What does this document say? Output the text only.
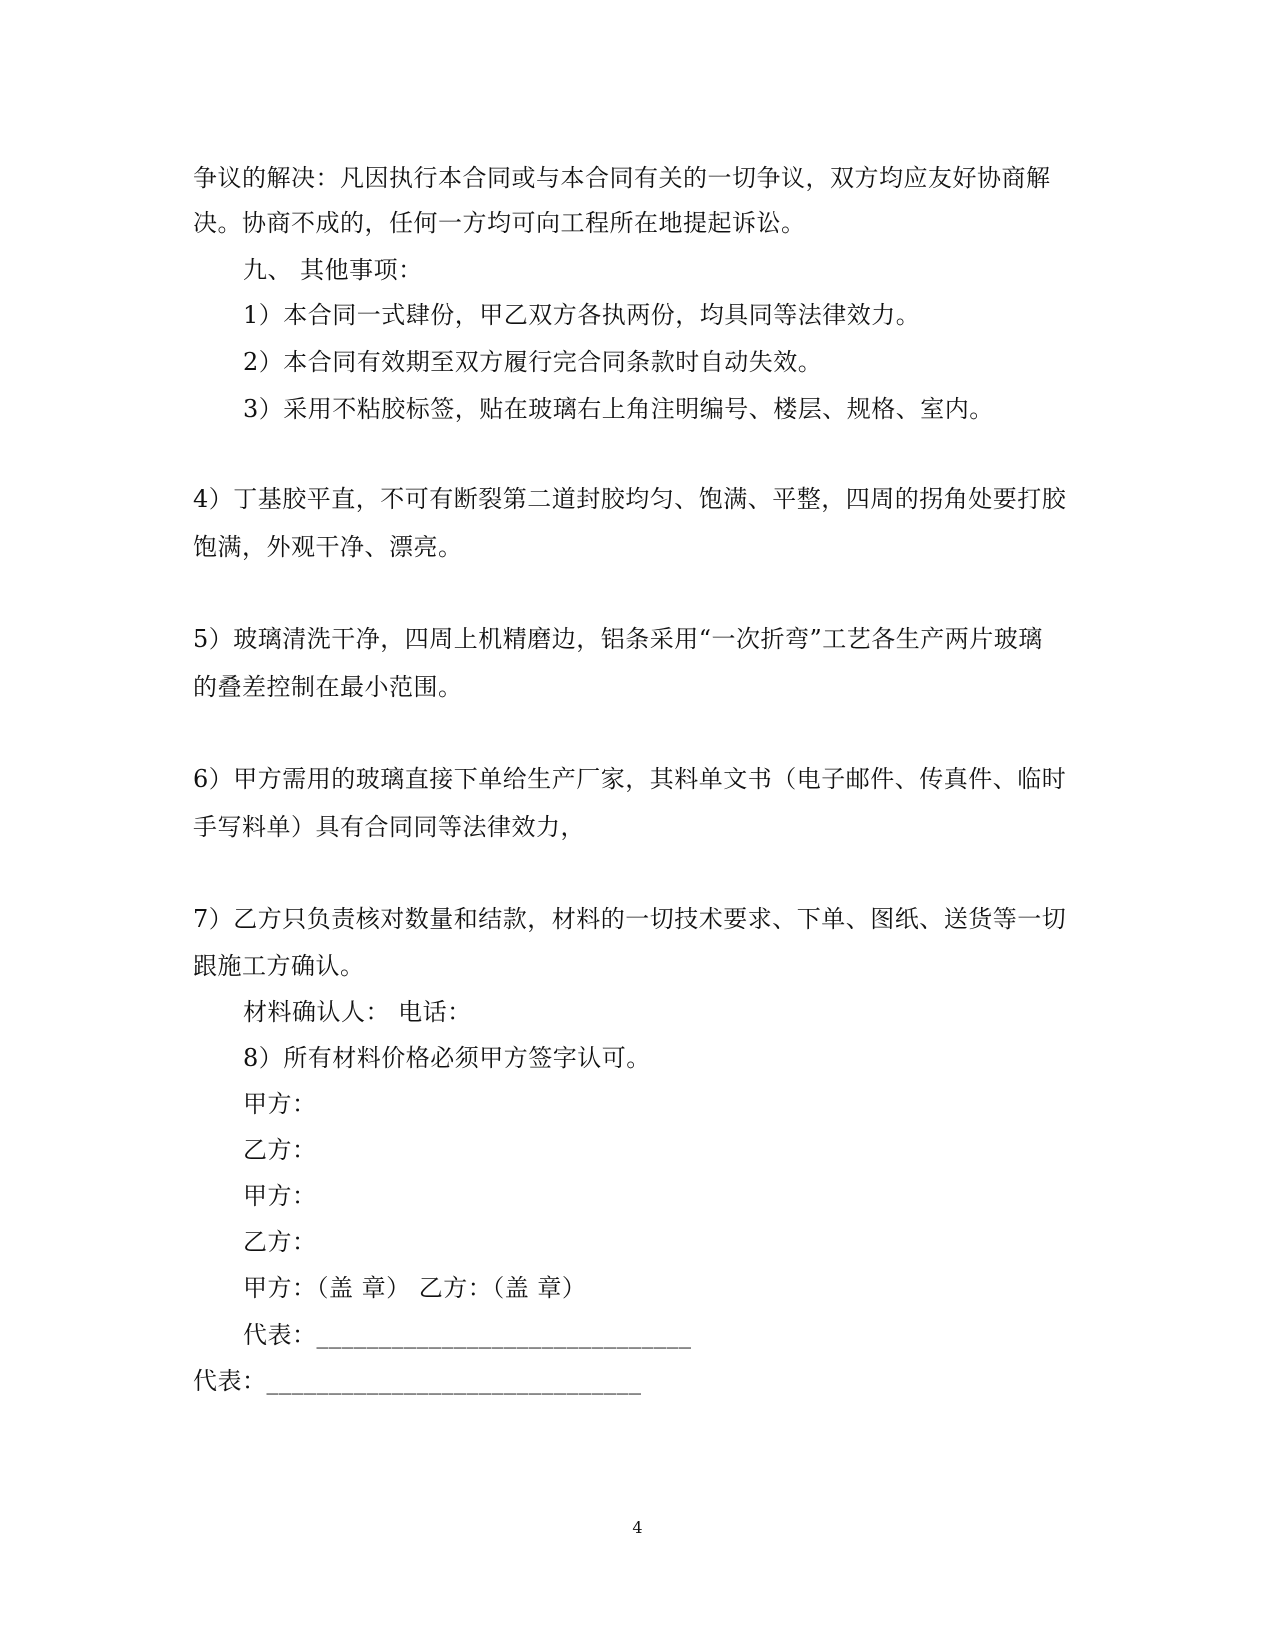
争议的解决：凡因执行本合同或与本合同有关的一切争议，双方均应友好协商解
决。协商不成的，任何一方均可向工程所在地提起诉讼。
九、 其他事项：
1）本合同一式肆份，甲乙双方各执两份，均具同等法律效力。
2）本合同有效期至双方履行完合同条款时自动失效。
3）采用不粘胶标签，贴在玻璃右上角注明编号、楼层、规格、室内。
4）丁基胶平直，不可有断裂第二道封胶均匀、饱满、平整，四周的拐角处要打胶
饱满，外观干净、漂亮。
5）玻璃清洗干净，四周上机精磨边，铝条采用“一次折弯”工艺各生产两片玻璃
的叠差控制在最小范围。
6）甲方需用的玻璃直接下单给生产厂家，其料单文书（电子邮件、传真件、临时
手写料单）具有合同同等法律效力，
7）乙方只负责核对数量和结款，材料的一切技术要求、下单、图纸、送货等一切
跟施工方确认。
材料确认人： 电话：
8）所有材料价格必须甲方签字认可。
甲方：
乙方：
甲方：
乙方：
甲方：（盖 章） 乙方：（盖 章）
代表：______________________________
代表：______________________________
4
